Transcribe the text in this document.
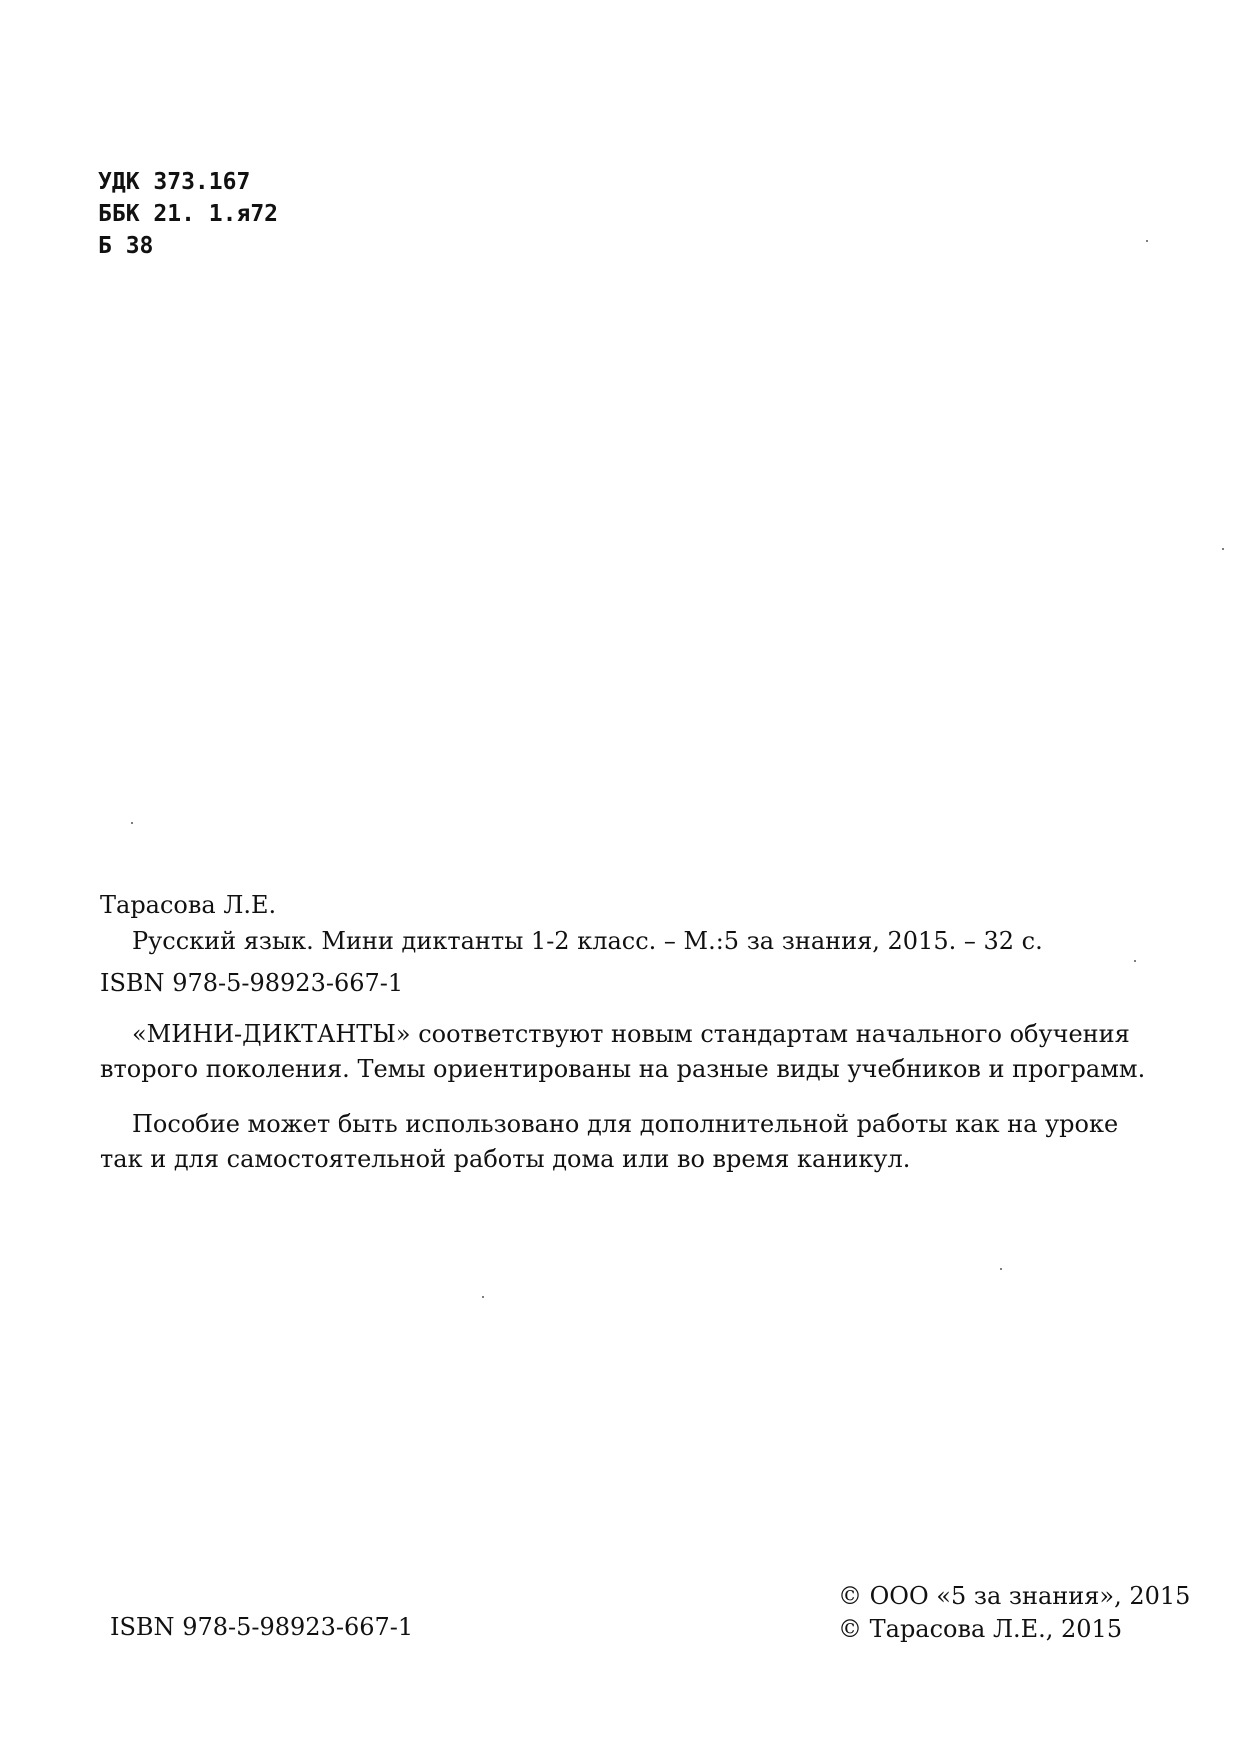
УДК 373.167
ББК 21. 1.я72
Б 38

Тарасова Л.Е.

Русский язык. Мини диктанты 1-2 класс. – М.:5 за знания, 2015. – 32 с.

ISBN 978-5-98923-667-1

«МИНИ-ДИКТАНТЫ» соответствуют новым стандартам начального обучения второго поколения. Темы ориентированы на разные виды учебников и программ.

Пособие может быть использовано для дополнительной работы как на уроке так и для самостоятельной работы дома или во время каникул.

ISBN 978-5-98923-667-1
© ООО «5 за знания», 2015
© Тарасова Л.Е., 2015
